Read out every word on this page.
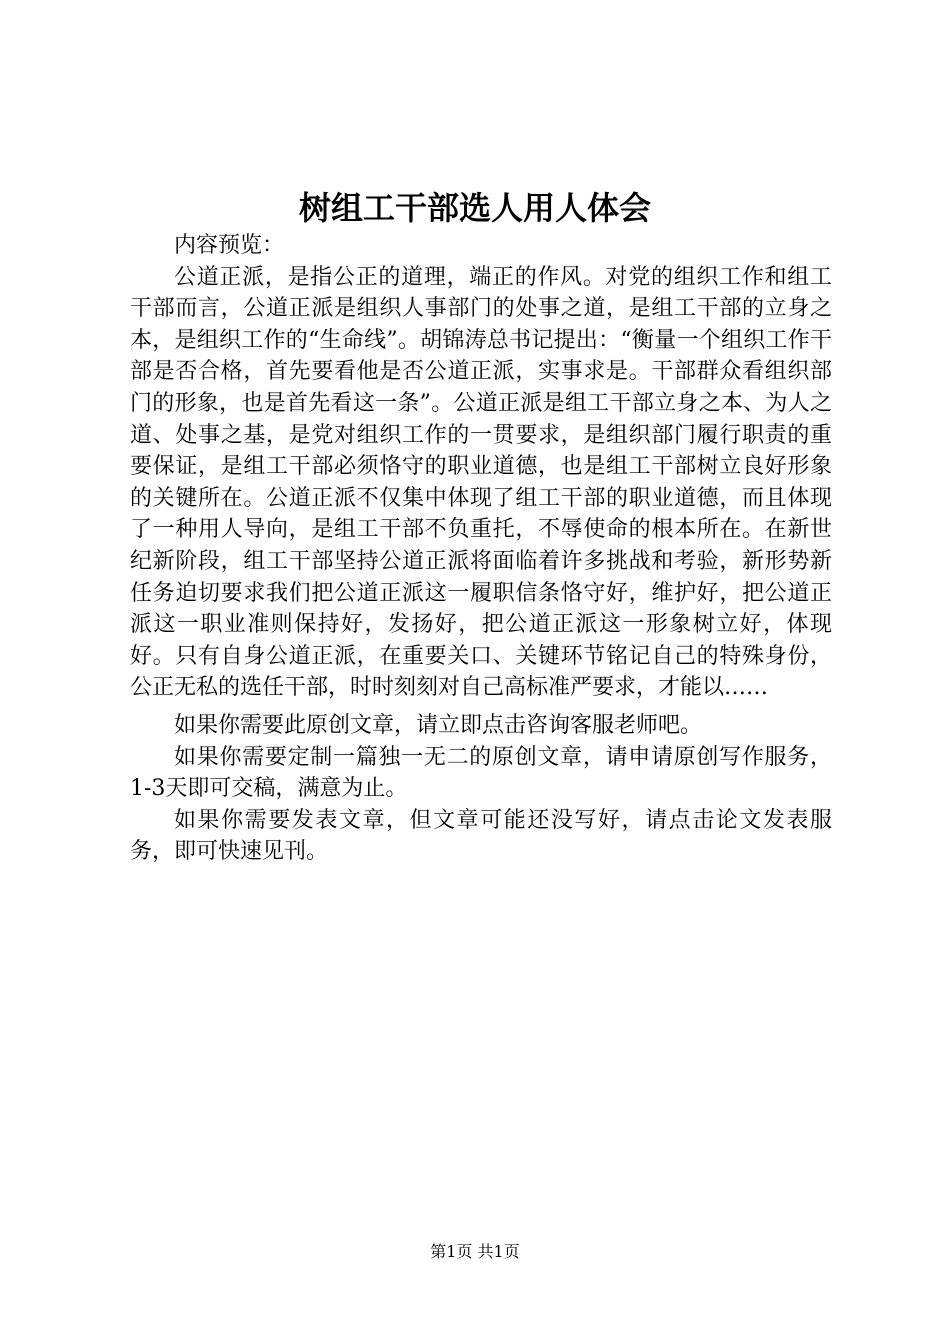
树组工干部选人用人体会

内容预览：

公道正派，是指公正的道理，端正的作风。对党的组织工作和组工干部而言，公道正派是组织人事部门的处事之道，是组工干部的立身之本，是组织工作的“生命线”。胡锦涛总书记提出：“衡量一个组织工作干部是否合格，首先要看他是否公道正派，实事求是。干部群众看组织部门的形象，也是首先看这一条”。公道正派是组工干部立身之本、为人之道、处事之基，是党对组织工作的一贯要求，是组织部门履行职责的重要保证，是组工干部必须恪守的职业道德，也是组工干部树立良好形象的关键所在。公道正派不仅集中体现了组工干部的职业道德，而且体现了一种用人导向，是组工干部不负重托，不辱使命的根本所在。在新世纪新阶段，组工干部坚持公道正派将面临着许多挑战和考验，新形势新任务迫切要求我们把公道正派这一履职信条恪守好，维护好，把公道正派这一职业准则保持好，发扬好，把公道正派这一形象树立好，体现好。只有自身公道正派，在重要关口、关键环节铭记自己的特殊身份，公正无私的选任干部，时时刻刻对自己高标准严要求，才能以……

如果你需要此原创文章，请立即点击咨询客服老师吧。

如果你需要定制一篇独一无二的原创文章，请申请原创写作服务，1-3天即可交稿，满意为止。

如果你需要发表文章，但文章可能还没写好，请点击论文发表服务，即可快速见刊。

第1页 共1页
